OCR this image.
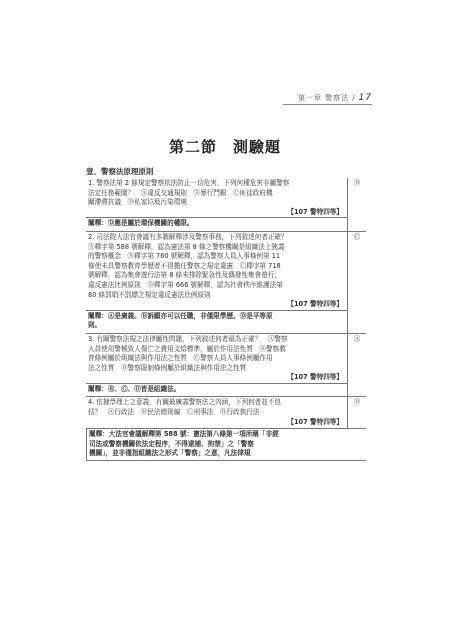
第一章 警察法 / 17
第二節　測驗題
壹、警察法原理原則
1. 警察法第 2 條規定警察依法防止一切危害，下列何種危害非屬警察
法定任務範圍？　Ⓐ違反交通規則　Ⓑ暴行鬥毆　Ⓒ匪徒政府機
關滯滯抗議　Ⓓ私家垃圾污染環境
【107 警特四等】
闡釋：Ⓓ應是屬於環保機關的權限。
Ⓓ
2. 司法院大法官會議有多號解釋涉及警察事務，下列敘述何者正確？
Ⓐ釋字第 588 號解釋，認為憲法第 8 條之警察機關是組織法上狹義
的警察概念　Ⓑ釋字第 760 號解釋，認為警察人員人事條例第 11
條使未具警察教育學歷者不得擔任警察之規定違憲　Ⓒ釋字第 718
號解釋，認為集會遊行法第 8 條未排除緊急性及偶發性集會遊行，
違反憲法比例原則　Ⓓ釋字第 666 號解釋，認為社會秩序維護法第
80 條罰娼不罰嫖之規定違反憲法比例原則
【107 警特四等】
闡釋：Ⓐ是廣義。Ⓑ訴願亦可以任職，非僅限學歷。Ⓓ是平等原
則。
Ⓒ
3. 有關警察法規之法律屬性問題，下列敘述何者最為正確？　Ⓐ警察
人員使用警械致人傷亡之費用支給標準，屬於作用法性質　Ⓑ警察教
育條例屬於組織法與作用法之性質　Ⓒ警察人員人事條例屬作用
法之性質　Ⓓ警察服制條例屬於組織法與作用法之性質
【107 警特四等】
闡釋：Ⓑ、Ⓒ、Ⓓ皆是組織法。
Ⓐ
4. 依據學理上之意義，有關最廣義警察法之內涵，下列何者並不包
括？　Ⓐ行政法　Ⓑ民法總則編　Ⓒ刑事法　Ⓓ行政執行法
【107 警特四等】
Ⓑ
闡釋：大法官會議解釋第 588 號：憲法第八條第一項所稱「非經
司法或警察機關依法定程序，不得逮捕、拘禁」之「警察
機關」，並非僅指組織法之形式「警察」之意，凡法律規
